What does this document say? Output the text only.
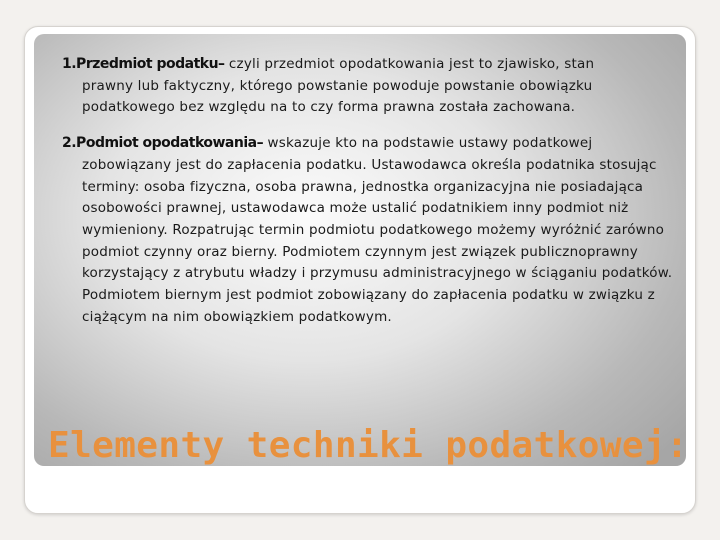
1.Przedmiot podatku– czyli przedmiot opodatkowania jest to zjawisko, stan
prawny lub faktyczny, którego powstanie powoduje powstanie obowiązku podatkowego bez względu na to czy forma prawna została zachowana.

2.Podmiot opodatkowania– wskazuje kto na podstawie ustawy podatkowej
zobowiązany jest do zapłacenia podatku. Ustawodawca określa podatnika stosując terminy: osoba fizyczna, osoba prawna, jednostka organizacyjna nie posiadająca osobowości prawnej, ustawodawca może ustalić podatnikiem inny podmiot niż wymieniony. Rozpatrując termin podmiotu podatkowego możemy wyróżnić zarówno podmiot czynny oraz bierny. Podmiotem czynnym jest związek publicznoprawny korzystający z atrybutu władzy i przymusu administracyjnego w ściąganiu podatków. Podmiotem biernym jest podmiot zobowiązany do zapłacenia podatku w związku z ciążącym na nim obowiązkiem podatkowym.

Elementy techniki podatkowej:
